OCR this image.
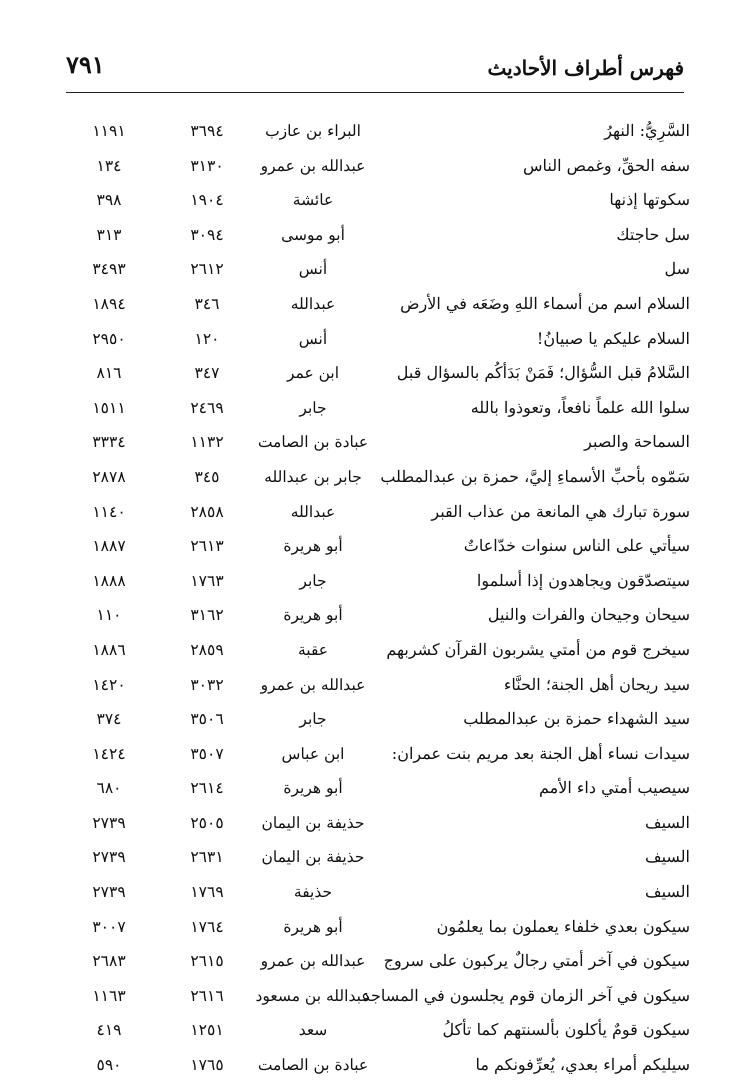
٧٩١	فهرس أطراف الأحاديث
السَّرِيُّ: النهرُ
البراء بن عازب
٣٦٩٤
١١٩١
سفه الحقِّ، وغمص الناس
عبدالله بن عمرو
٣١٣٠
١٣٤
سكوتها إذنها
عائشة
١٩٠٤
٣٩٨
سل حاجتك
أبو موسى
٣٠٩٤
٣١٣
سل
أنس
٢٦١٢
٣٤٩٣
السلام اسم من أسماء اللهِ وضَعَه في الأرض
عبدالله
٣٤٦
١٨٩٤
السلام عليكم يا صبيانُ!
أنس
١٢٠
٢٩٥٠
السَّلامُ قبل السُّؤال؛ فَمَنْ بَدَأكُم بالسؤال قبل
ابن عمر
٣٤٧
٨١٦
سلوا الله علماً نافعاً، وتعوذوا بالله
جابر
٢٤٦٩
١٥١١
السماحة والصبر
عبادة بن الصامت
١١٣٢
٣٣٣٤
سَمّوه بأحبِّ الأسماءِ إليَّ، حمزة بن عبدالمطلب
جابر بن عبدالله
٣٤٥
٢٨٧٨
سورة تبارك هي المانعة من عذاب القبر
عبدالله
٢٨٥٨
١١٤٠
سيأتي على الناس سنوات خدّاعاتٌ
أبو هريرة
٢٦١٣
١٨٨٧
سيتصدّقون ويجاهدون إذا أسلموا
جابر
١٧٦٣
١٨٨٨
سيحان وجيحان والفرات والنيل
أبو هريرة
٣١٦٢
١١٠
سيخرج قوم من أمتي يشربون القرآن كشربهم
عقبة
٢٨٥٩
١٨٨٦
سيد ريحان أهل الجنة؛ الحنَّاء
عبدالله بن عمرو
٣٠٣٢
١٤٢٠
سيد الشهداء حمزة بن عبدالمطلب
جابر
٣٥٠٦
٣٧٤
سيدات نساء أهل الجنة بعد مريم بنت عمران:
ابن عباس
٣٥٠٧
١٤٢٤
سيصيب أمتي داء الأمم
أبو هريرة
٢٦١٤
٦٨٠
السيف
حذيفة بن اليمان
٢٥٠٥
٢٧٣٩
السيف
حذيفة بن اليمان
٢٦٣١
٢٧٣٩
السيف
حذيفة
١٧٦٩
٢٧٣٩
سيكون بعدي خلفاء يعملون بما يعلمُون
أبو هريرة
١٧٦٤
٣٠٠٧
سيكون في آخر أمتي رجالٌ يركبون على سروج
عبدالله بن عمرو
٢٦١٥
٢٦٨٣
سيكون في آخر الزمان قوم يجلسون في المساجد
عبدالله بن مسعود
٢٦١٦
١١٦٣
سيكون قومٌ يأكلون بألسنتهم كما تأكلُ
سعد
١٢٥١
٤١٩
سيليكم أمراء بعدي، يُعرِّفونكم ما
عبادة بن الصامت
١٧٦٥
٥٩٠
